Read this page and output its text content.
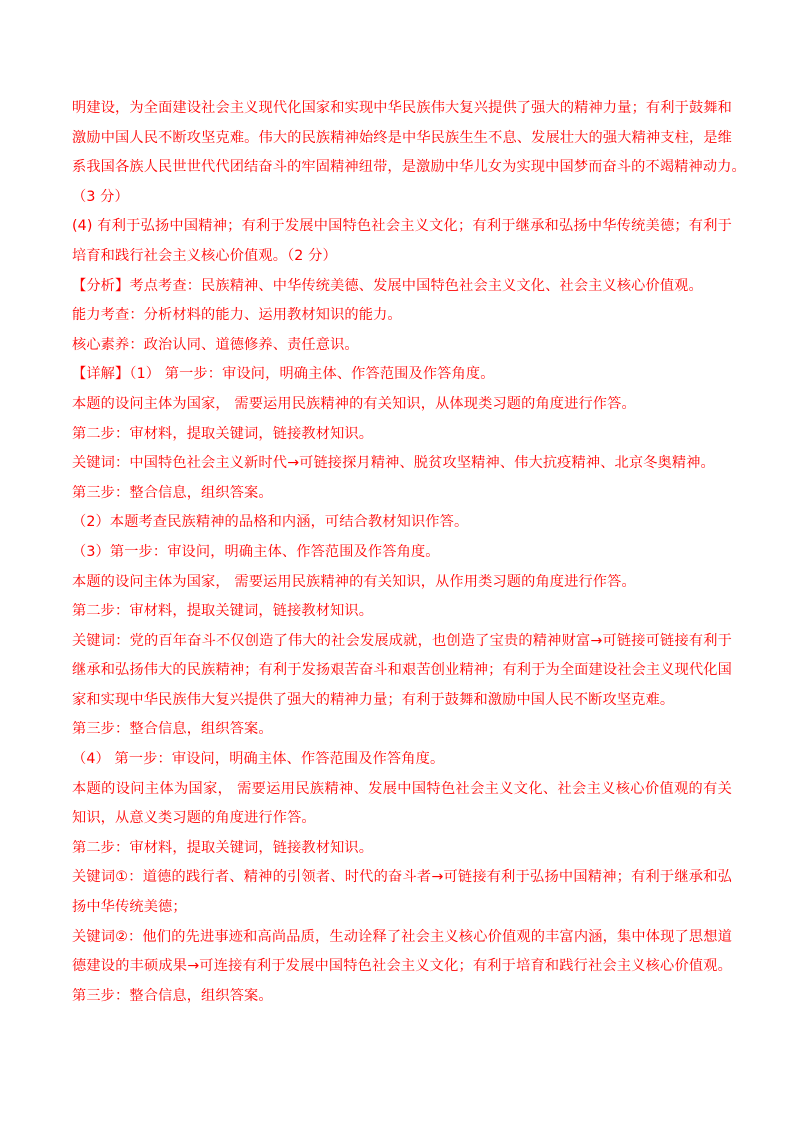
明建设，为全面建设社会主义现代化国家和实现中华民族伟大复兴提供了强大的精神力量；有利于鼓舞和
激励中国人民不断攻坚克难。伟大的民族精神始终是中华民族生生不息、发展壮大的强大精神支柱，是维
系我国各族人民世世代代团结奋斗的牢固精神纽带，是激励中华儿女为实现中国梦而奋斗的不竭精神动力。
（3 分）
(4) 有利于弘扬中国精神；有利于发展中国特色社会主义文化；有利于继承和弘扬中华传统美德；有利于
培育和践行社会主义核心价值观。（2 分）
【分析】考点考查：民族精神、中华传统美德、发展中国特色社会主义文化、社会主义核心价值观。
能力考查：分析材料的能力、运用教材知识的能力。
核心素养：政治认同、道德修养、责任意识。
【详解】（1） 第一步：审设问，明确主体、作答范围及作答角度。
本题的设问主体为国家， 需要运用民族精神的有关知识，从体现类习题的角度进行作答。
第二步：审材料，提取关键词，链接教材知识。
关键词：中国特色社会主义新时代→可链接探月精神、脱贫攻坚精神、伟大抗疫精神、北京冬奥精神。
第三步：整合信息，组织答案。
（2）本题考查民族精神的品格和内涵，可结合教材知识作答。
（3）第一步：审设问，明确主体、作答范围及作答角度。
本题的设问主体为国家， 需要运用民族精神的有关知识，从作用类习题的角度进行作答。
第二步：审材料，提取关键词，链接教材知识。
关键词：党的百年奋斗不仅创造了伟大的社会发展成就，也创造了宝贵的精神财富→可链接可链接有利于
继承和弘扬伟大的民族精神；有利于发扬艰苦奋斗和艰苦创业精神；有利于为全面建设社会主义现代化国
家和实现中华民族伟大复兴提供了强大的精神力量；有利于鼓舞和激励中国人民不断攻坚克难。
第三步：整合信息，组织答案。
（4） 第一步：审设问，明确主体、作答范围及作答角度。
本题的设问主体为国家， 需要运用民族精神、发展中国特色社会主义文化、社会主义核心价值观的有关
知识，从意义类习题的角度进行作答。
第二步：审材料，提取关键词，链接教材知识。
关键词①：道德的践行者、精神的引领者、时代的奋斗者→可链接有利于弘扬中国精神；有利于继承和弘
扬中华传统美德；
关键词②：他们的先进事迹和高尚品质，生动诠释了社会主义核心价值观的丰富内涵，集中体现了思想道
德建设的丰硕成果→可连接有利于发展中国特色社会主义文化；有利于培育和践行社会主义核心价值观。
第三步：整合信息，组织答案。
